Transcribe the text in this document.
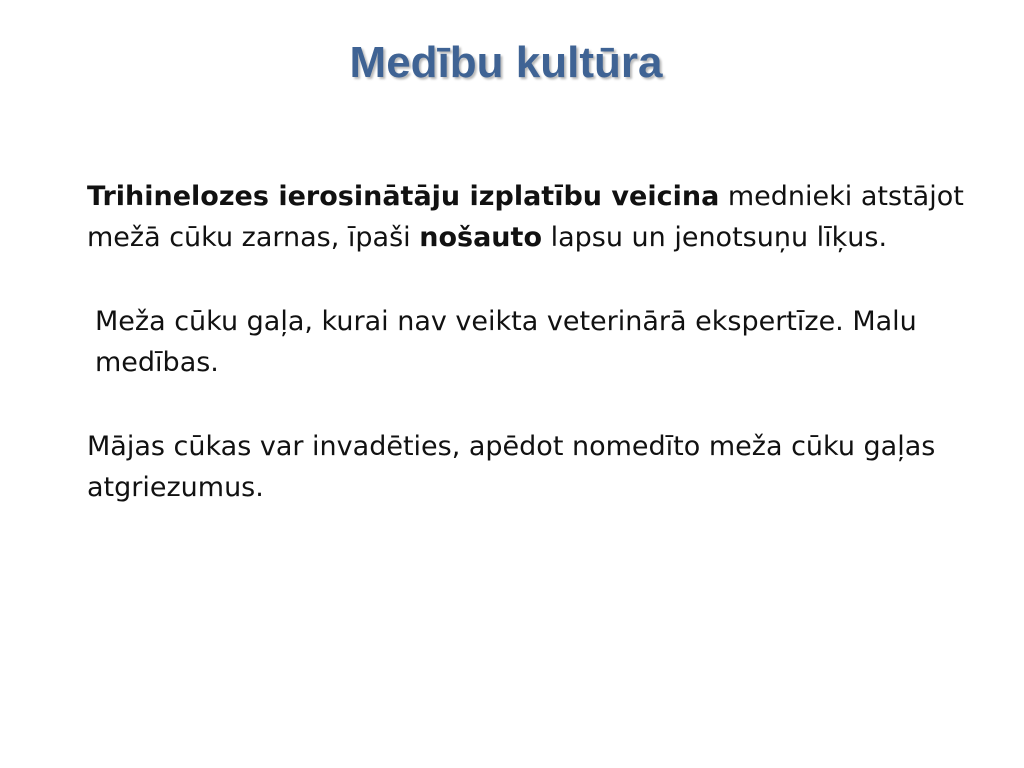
Medību kultūra

Trihinelozes ierosinātāju izplatību veicina mednieki atstājot mežā cūku zarnas, īpaši nošauto lapsu un jenotsuņu līķus.

Meža cūku gaļa, kurai nav veikta veterinārā ekspertīze. Malu medības.

Mājas cūkas var invadēties, apēdot nomedīto meža cūku gaļas atgriezumus.
